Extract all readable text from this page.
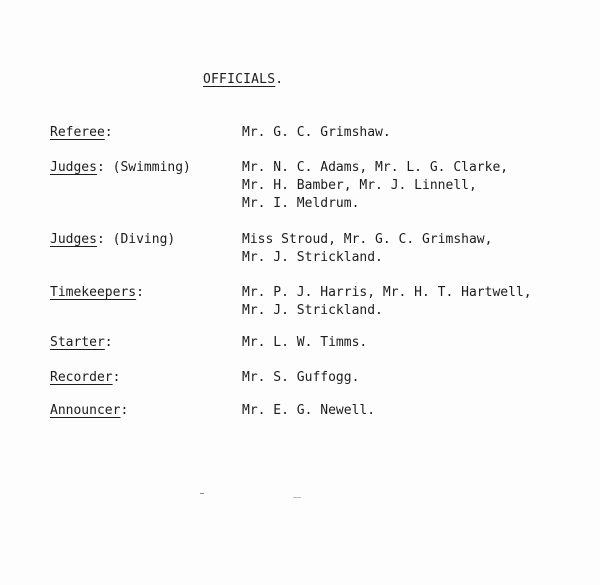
OFFICIALS.
Referee:	Mr. G. C. Grimshaw.
Judges: (Swimming)	Mr. N. C. Adams, Mr. L. G. Clarke,
Mr. H. Bamber, Mr. J. Linnell,
Mr. I. Meldrum.
Judges: (Diving)	Miss Stroud, Mr. G. C. Grimshaw,
Mr. J. Strickland.
Timekeepers:	Mr. P. J. Harris, Mr. H. T. Hartwell,
Mr. J. Strickland.
Starter:	Mr. L. W. Timms.
Recorder:	Mr. S. Guffogg.
Announcer:	Mr. E. G. Newell.
